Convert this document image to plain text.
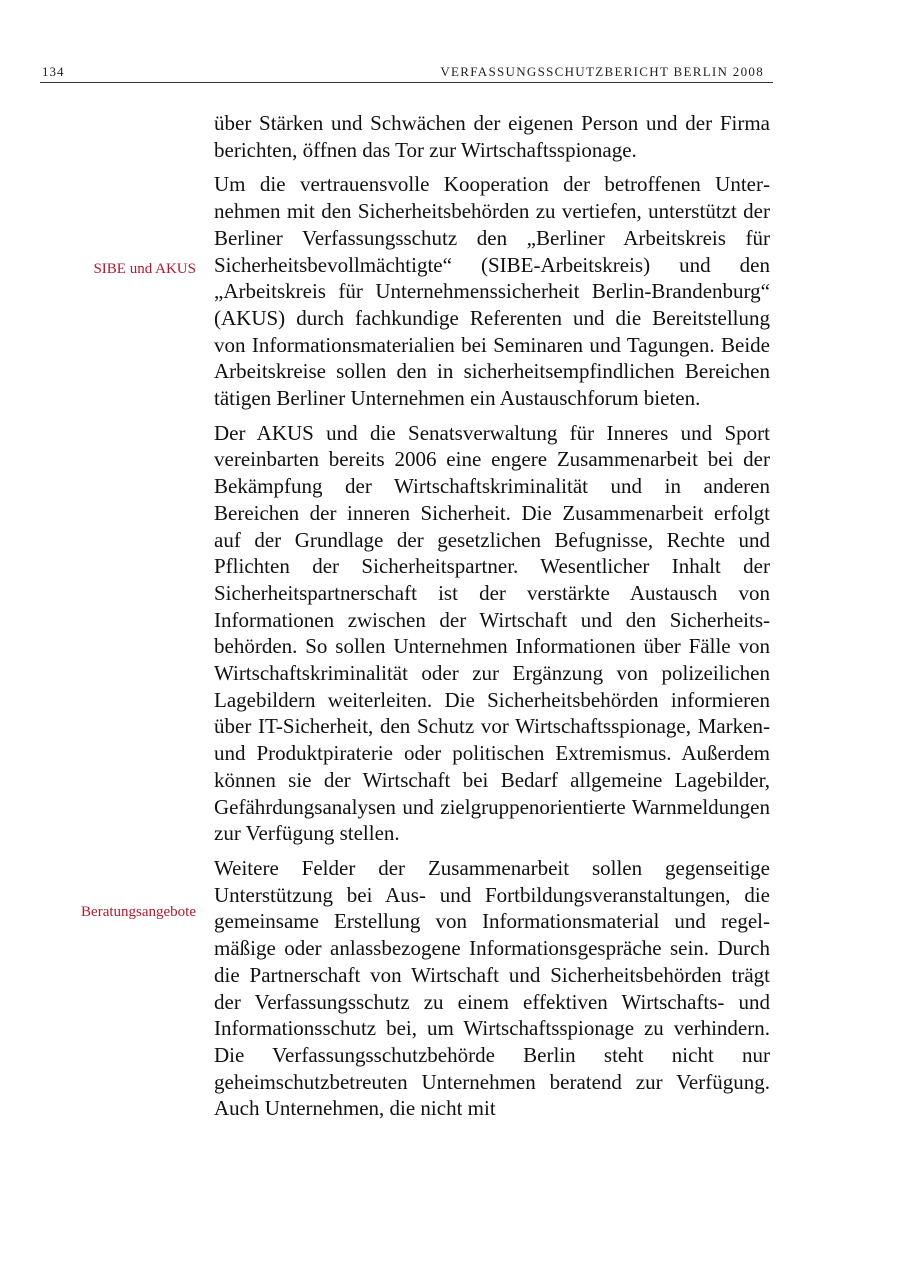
134	VERFASSUNGSSCHUTZBERICHT BERLIN 2008
SIBE und AKUS
Beratungsangebote

über Stärken und Schwächen der eigenen Person und der Firma berichten, öffnen das Tor zur Wirtschaftsspionage.

Um die vertrauensvolle Kooperation der betroffenen Unternehmen mit den Sicherheitsbehörden zu vertiefen, unterstützt der Berliner Verfassungsschutz den „Berliner Arbeitskreis für Sicherheitsbevollmächtigte“ (SIBE-Arbeitskreis) und den „Arbeitskreis für Unternehmenssicherheit Berlin-Brandenburg“ (AKUS) durch fachkundige Referenten und die Bereitstellung von Informationsmaterialien bei Seminaren und Tagungen. Beide Arbeitskreise sollen den in sicherheitsempfindlichen Bereichen tätigen Berliner Unternehmen ein Austauschforum bieten.

Der AKUS und die Senatsverwaltung für Inneres und Sport vereinbarten bereits 2006 eine engere Zusammenarbeit bei der Bekämpfung der Wirtschaftskriminalität und in anderen Bereichen der inneren Sicherheit. Die Zusammenarbeit erfolgt auf der Grundlage der gesetzlichen Befugnisse, Rechte und Pflichten der Sicherheitspartner. Wesentlicher Inhalt der Sicherheitspartnerschaft ist der verstärkte Austausch von Informationen zwischen der Wirtschaft und den Sicherheitsbehörden. So sollen Unternehmen Informationen über Fälle von Wirtschaftskriminalität oder zur Ergänzung von polizeilichen Lagebildern weiterleiten. Die Sicherheitsbehörden informieren über IT-Sicherheit, den Schutz vor Wirtschaftsspionage, Marken- und Produktpiraterie oder politischen Extremismus. Außerdem können sie der Wirtschaft bei Bedarf allgemeine Lagebilder, Gefährdungsanalysen und zielgruppenorientierte Warnmeldungen zur Verfügung stellen.

Weitere Felder der Zusammenarbeit sollen gegenseitige Unterstützung bei Aus- und Fortbildungsveranstaltungen, die gemeinsame Erstellung von Informationsmaterial und regelmäßige oder anlassbezogene Informationsgespräche sein. Durch die Partnerschaft von Wirtschaft und Sicherheitsbehörden trägt der Verfassungsschutz zu einem effektiven Wirtschafts- und Informationsschutz bei, um Wirtschaftsspionage zu verhindern. Die Verfassungsschutzbehörde Berlin steht nicht nur geheimschutzbetreuten Unternehmen beratend zur Verfügung. Auch Unternehmen, die nicht mit
